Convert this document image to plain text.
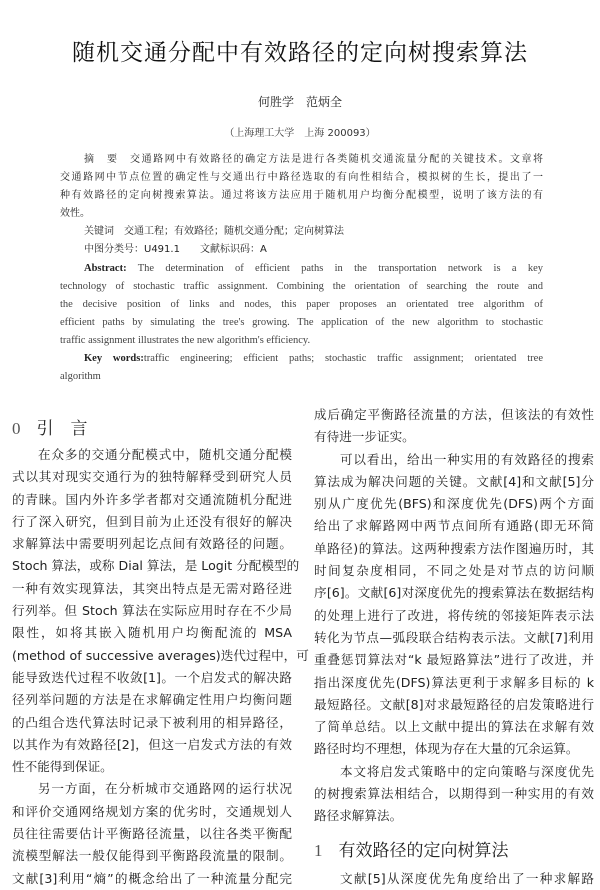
随机交通分配中有效路径的定向树搜索算法
何胜学　范炳全
（上海理工大学　上海 200093）
摘　要　交通路网中有效路径的确定方法是进行各类随机交通流量分配的关键技术。文章将
交通路网中节点位置的确定性与交通出行中路径选取的有向性相结合，模拟树的生长，提出了一
种有效路径的定向树搜索算法。通过将该方法应用于随机用户均衡分配模型，说明了该方法的有
效性。
关键词　交通工程；有效路径；随机交通分配；定向树算法
中图分类号：U491.1　　文献标识码：A
Abstract: The determination of efficient paths in the transportation network is a key
technology of stochastic traffic assignment. Combining the orientation of searching the route and
the decisive position of links and nodes, this paper proposes an orientated tree algorithm of
efficient paths by simulating the tree's growing. The application of the new algorithm to stochastic
traffic assignment illustrates the new algorithm's efficiency.
Key words:traffic engineering; efficient paths; stochastic traffic assignment; orientated tree
algorithm
0 引　言
在众多的交通分配模式中，随机交通分配模
式以其对现实交通行为的独特解释受到研究人员
的青睐。国内外许多学者都对交通流随机分配进
行了深入研究，但到目前为止还没有很好的解决
求解算法中需要明列起讫点间有效路径的问题。
Stoch 算法，或称 Dial 算法，是 Logit 分配模型的
一种有效实现算法，其突出特点是无需对路径进
行列举。但 Stoch 算法在实际应用时存在不少局
限性，如将其嵌入随机用户均衡配流的 MSA
(method of successive averages)迭代过程中，可
能导致迭代过程不收敛[1]。一个启发式的解决路
径列举问题的方法是在求解确定性用户均衡问题
的凸组合迭代算法时记录下被利用的相异路径，
以其作为有效路径[2]，但这一启发式方法的有效
性不能得到保证。
另一方面，在分析城市交通路网的运行状况
和评价交通网络规划方案的优劣时，交通规划人
员往往需要估计平衡路径流量，以往各类平衡配
流模型解法一般仅能得到平衡路段流量的限制。
文献[3]利用“熵”的概念给出了一种流量分配完
成后确定平衡路径流量的方法，但该法的有效性
有待进一步证实。
可以看出，给出一种实用的有效路径的搜索
算法成为解决问题的关键。文献[4]和文献[5]分
别从广度优先(BFS)和深度优先(DFS)两个方面
给出了求解路网中两节点间所有通路(即无环简
单路径)的算法。这两种搜索方法作图遍历时，其
时间复杂度相同，不同之处是对节点的访问顺
序[6]。文献[6]对深度优先的搜索算法在数据结构
的处理上进行了改进，将传统的邻接矩阵表示法
转化为节点—弧段联合结构表示法。文献[7]利用
重叠惩罚算法对“k 最短路算法”进行了改进，并
指出深度优先(DFS)算法更利于求解多目标的 k
最短路径。文献[8]对求最短路径的启发策略进行
了简单总结。以上文献中提出的算法在求解有效
路径时均不理想，体现为存在大量的冗余运算。
本文将启发式策略中的定向策略与深度优先
的树搜索算法相结合，以期得到一种实用的有效
路径求解算法。
1 有效路径的定向树算法
文献[5]从深度优先角度给出了一种求解路
